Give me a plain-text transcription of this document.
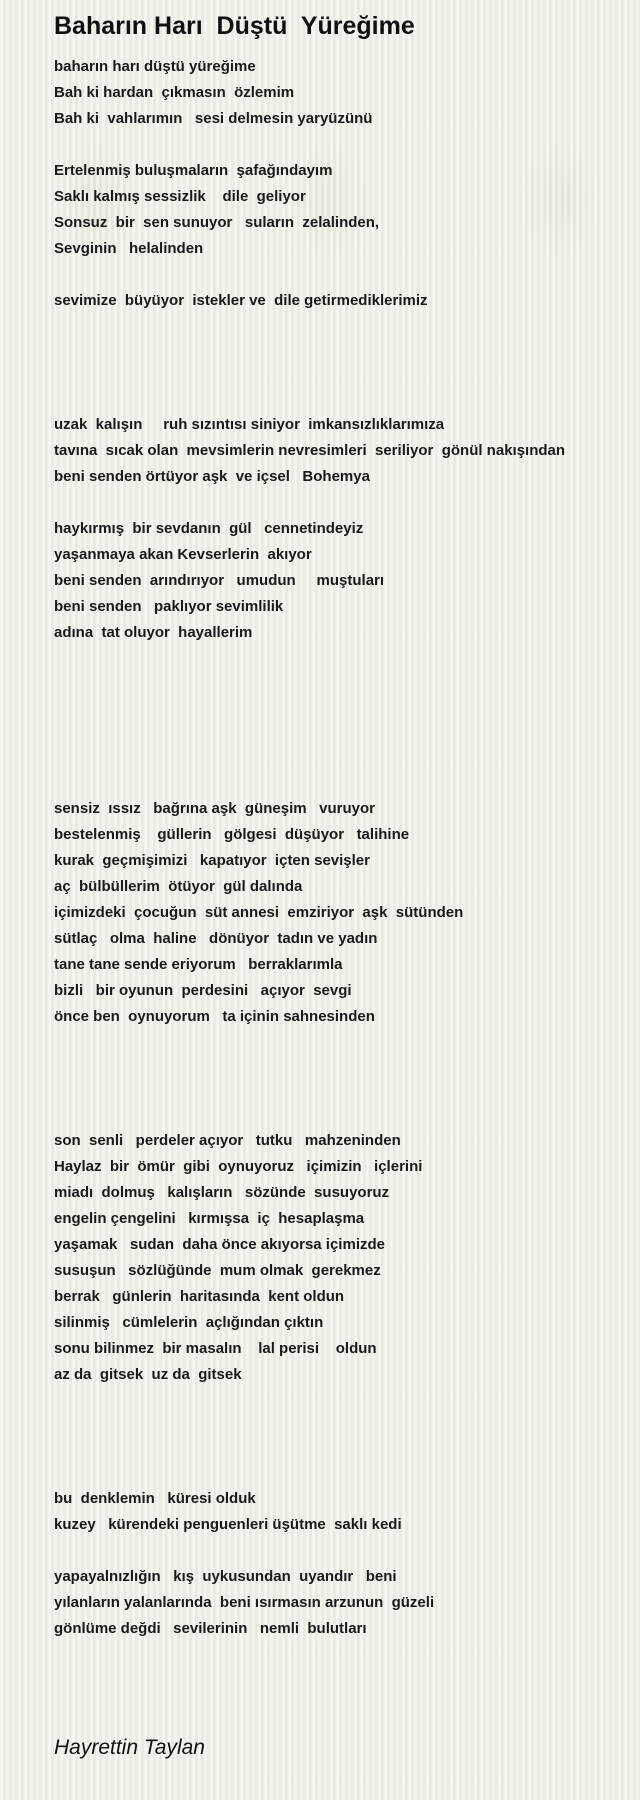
Baharın Harı  Düştü  Yüreğime
baharın harı düştü yüreğime
Bah ki hardan  çıkmasın  özlemim
Bah ki  vahlarımın   sesi delmesin yaryüzünü
Ertelenmiş buluşmaların  şafağındayım
Saklı kalmış sessizlik    dile  geliyor
Sonsuz  bir  sen sunuyor   suların  zelalinden,
Sevginin   helalinden
sevimize  büyüyor  istekler ve  dile getirmediklerimiz
uzak  kalışın     ruh sızıntısı siniyor  imkansızlıklarımıza
tavına  sıcak olan  mevsimlerin nevresimleri  seriliyor  gönül nakışından
beni senden örtüyor aşk  ve içsel   Bohemya
haykırmış  bir sevdanın  gül   cennetindeyiz
yaşanmaya akan Kevserlerin  akıyor
beni senden  arındırıyor   umudun     muştuları
beni senden   paklıyor sevimlilik
adına  tat oluyor  hayallerim
sensiz  ıssız   bağrına aşk  güneşim   vuruyor
bestelenmiş    güllerin   gölgesi  düşüyor   talihine
kurak  geçmişimizi   kapatıyor  içten sevişler
aç  bülbüllerim  ötüyor  gül dalında
içimizdeki  çocuğun  süt annesi  emziriyor  aşk  sütünden
sütlaç   olma  haline   dönüyor  tadın ve yadın
tane tane sende eriyorum   berraklarımla
bizli   bir oyunun  perdesini   açıyor  sevgi
önce ben  oynuyorum   ta içinin sahnesinden
son  senli   perdeler açıyor   tutku   mahzeninden
Haylaz  bir  ömür  gibi  oynuyoruz   içimizin   içlerini
miadı  dolmuş   kalışların   sözünde  susuyoruz
engelin çengelini   kırmışsa  iç  hesaplaşma
yaşamak   sudan  daha önce akıyorsa içimizde
susuşun   sözlüğünde  mum olmak  gerekmez
berrak   günlerin  haritasında  kent oldun
silinmiş   cümlelerin  açlığından çıktın
sonu bilinmez  bir masalın    lal perisi    oldun
az da  gitsek  uz da  gitsek
bu  denklemin   küresi olduk
kuzey   kürendeki penguenleri üşütme  saklı kedi
yapayalnızlığın   kış  uykusundan  uyandır   beni
yılanların yalanlarında  beni ısırmasın arzunun  güzeli
gönlüme değdi   sevilerinin   nemli  bulutları
Hayrettin Taylan
